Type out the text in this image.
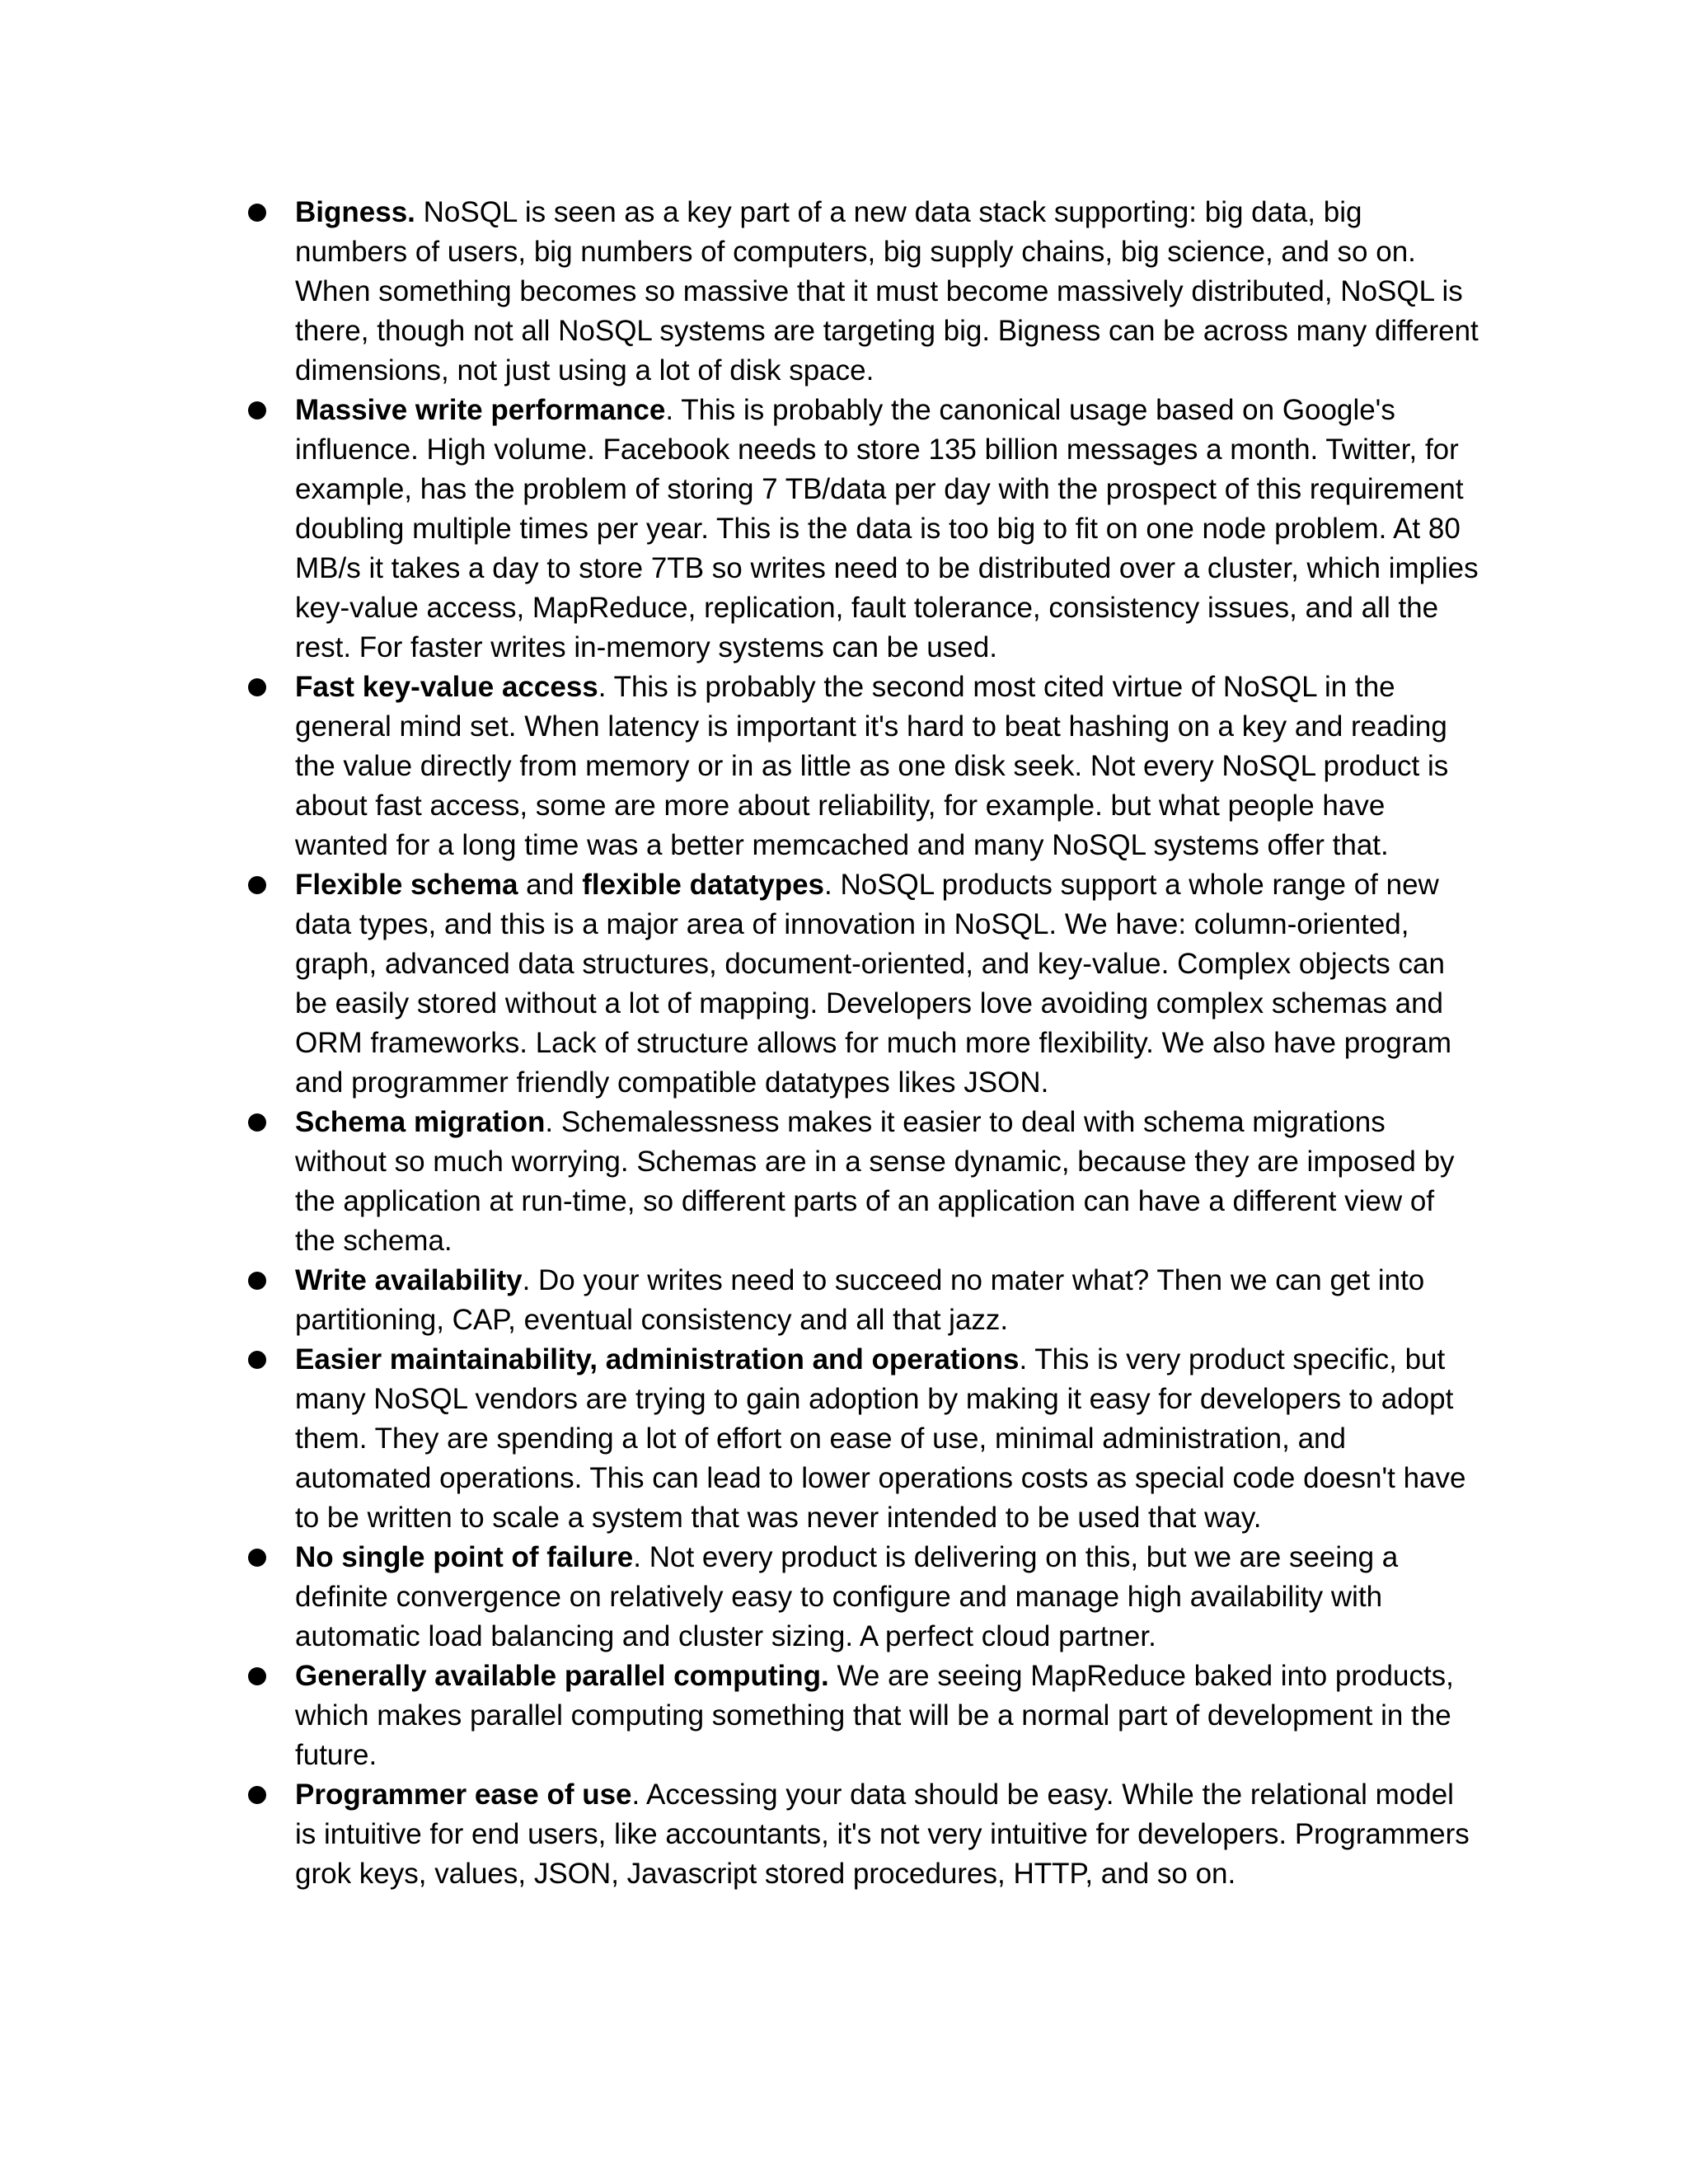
Bigness. NoSQL is seen as a key part of a new data stack supporting: big data, big numbers of users, big numbers of computers, big supply chains, big science, and so on. When something becomes so massive that it must become massively distributed, NoSQL is there, though not all NoSQL systems are targeting big. Bigness can be across many different dimensions, not just using a lot of disk space.
Massive write performance. This is probably the canonical usage based on Google's influence. High volume. Facebook needs to store 135 billion messages a month. Twitter, for example, has the problem of storing 7 TB/data per day with the prospect of this requirement doubling multiple times per year. This is the data is too big to fit on one node problem. At 80 MB/s it takes a day to store 7TB so writes need to be distributed over a cluster, which implies key-value access, MapReduce, replication, fault tolerance, consistency issues, and all the rest. For faster writes in-memory systems can be used.
Fast key-value access. This is probably the second most cited virtue of NoSQL in the general mind set. When latency is important it's hard to beat hashing on a key and reading the value directly from memory or in as little as one disk seek. Not every NoSQL product is about fast access, some are more about reliability, for example. but what people have wanted for a long time was a better memcached and many NoSQL systems offer that.
Flexible schema and flexible datatypes. NoSQL products support a whole range of new data types, and this is a major area of innovation in NoSQL. We have: column-oriented, graph, advanced data structures, document-oriented, and key-value. Complex objects can be easily stored without a lot of mapping. Developers love avoiding complex schemas and ORM frameworks. Lack of structure allows for much more flexibility. We also have program and programmer friendly compatible datatypes likes JSON.
Schema migration. Schemalessness makes it easier to deal with schema migrations without so much worrying. Schemas are in a sense dynamic, because they are imposed by the application at run-time, so different parts of an application can have a different view of the schema.
Write availability. Do your writes need to succeed no mater what? Then we can get into partitioning, CAP, eventual consistency and all that jazz.
Easier maintainability, administration and operations. This is very product specific, but many NoSQL vendors are trying to gain adoption by making it easy for developers to adopt them. They are spending a lot of effort on ease of use, minimal administration, and automated operations. This can lead to lower operations costs as special code doesn't have to be written to scale a system that was never intended to be used that way.
No single point of failure. Not every product is delivering on this, but we are seeing a definite convergence on relatively easy to configure and manage high availability with automatic load balancing and cluster sizing. A perfect cloud partner.
Generally available parallel computing. We are seeing MapReduce baked into products, which makes parallel computing something that will be a normal part of development in the future.
Programmer ease of use. Accessing your data should be easy. While the relational model is intuitive for end users, like accountants, it's not very intuitive for developers. Programmers grok keys, values, JSON, Javascript stored procedures, HTTP, and so on.
